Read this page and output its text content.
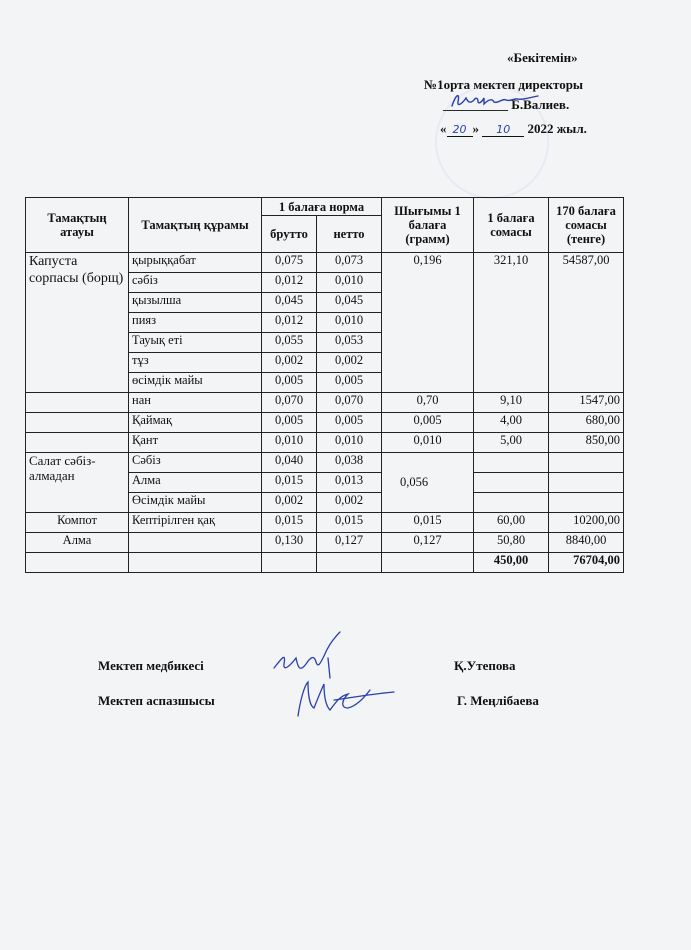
«Бекітемін»
№1орта мектеп директоры
__________ Б.Валиев.
« 20 » 10 2022 жыл.
Тамақтың атауы	Тамақтың құрамы	1 балаға норма		Шығымы 1 балаға (грамм)	1 балаға сомасы	170 балаға сомасы (тенге)
		брутто	нетто			
Капуста сорпасы (борщ)	қырыққабат	0,075	0,073	0,196	321,10	54587,00
	сәбіз	0,012	0,010			
	қызылша	0,045	0,045			
	пияз	0,012	0,010			
	Тауық еті	0,055	0,053			
	тұз	0,002	0,002			
	өсімдік майы	0,005	0,005			
	нан	0,070	0,070	0,70	9,10	1547,00
	Қаймақ	0,005	0,005	0,005	4,00	680,00
	Қант	0,010	0,010	0,010	5,00	850,00
Салат сәбіз-алмадан	Сәбіз	0,040	0,038	0,056		
	Алма	0,015	0,013			
	Өсімдік майы	0,002	0,002			
Компот	Кептірілген қақ	0,015	0,015	0,015	60,00	10200,00
Алма		0,130	0,127	0,127	50,80	8840,00
					450,00	76704,00
Мектеп медбикесі	Қ.Утепова
Мектеп аспазшысы	Г. Меңлібаева
